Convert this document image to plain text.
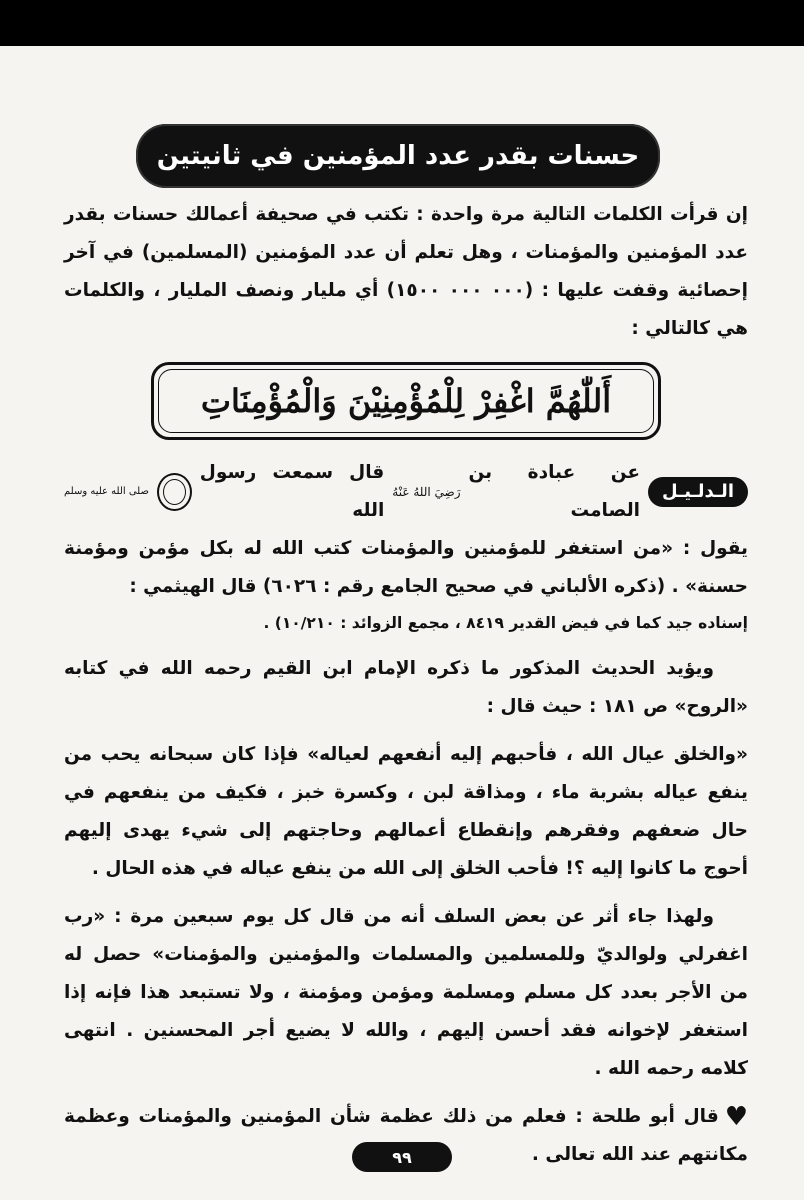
حسنات بقدر عدد المؤمنين في ثانيتين

إن قرأت الكلمات التالية مرة واحدة : تكتب في صحيفة أعمالك حسنات بقدر عدد المؤمنين والمؤمنات ، وهل تعلم أن عدد المؤمنين (المسلمين) في آخر إحصائية وقفت عليها : (٠٠٠ ٠٠٠ ١٥٠٠) أي مليار ونصف المليار ، والكلمات هي كالتالي :

أَللّٰهُمَّ اغْفِرْ لِلْمُؤْمِنِيْنَ وَالْمُؤْمِنَاتِ
الـدلـيـل
عن عبادة بن الصامت
رَضِيَ اللهُ عَنْهُ
قال سمعت رسول الله
صلى الله عليه وسلم

يقول : «من استغفر للمؤمنين والمؤمنات كتب الله له بكل مؤمن ومؤمنة حسنة» . (ذكره الألباني في صحيح الجامع رقم : ٦٠٢٦) قال الهيثمي :

إسناده جيد كما في فيض القدير ٨٤١٩ ، مجمع الزوائد : ١٠/٢١٠) .

ويؤيد الحديث المذكور ما ذكره الإمام ابن القيم رحمه الله في كتابه «الروح» ص ١٨١ : حيث قال :

«والخلق عيال الله ، فأحبهم إليه أنفعهم لعياله» فإذا كان سبحانه يحب من ينفع عياله بشربة ماء ، ومذاقة لبن ، وكسرة خبز ، فكيف من ينفعهم في حال ضعفهم وفقرهم وإنقطاع أعمالهم وحاجتهم إلى شيء يهدى إليهم أحوج ما كانوا إليه ؟! فأحب الخلق إلى الله من ينفع عياله في هذه الحال .

ولهذا جاء أثر عن بعض السلف أنه من قال كل يوم سبعين مرة : «رب اغفرلي ولوالديّ وللمسلمين والمسلمات والمؤمنين والمؤمنات» حصل له من الأجر بعدد كل مسلم ومسلمة ومؤمن ومؤمنة ، ولا تستبعد هذا فإنه إذا استغفر لإخوانه فقد أحسن إليهم ، والله لا يضيع أجر المحسنين . انتهى كلامه رحمه الله .

♥قال أبو طلحة : فعلم من ذلك عظمة شأن المؤمنين والمؤمنات وعظمة مكانتهم عند الله تعالى .

٩٩
